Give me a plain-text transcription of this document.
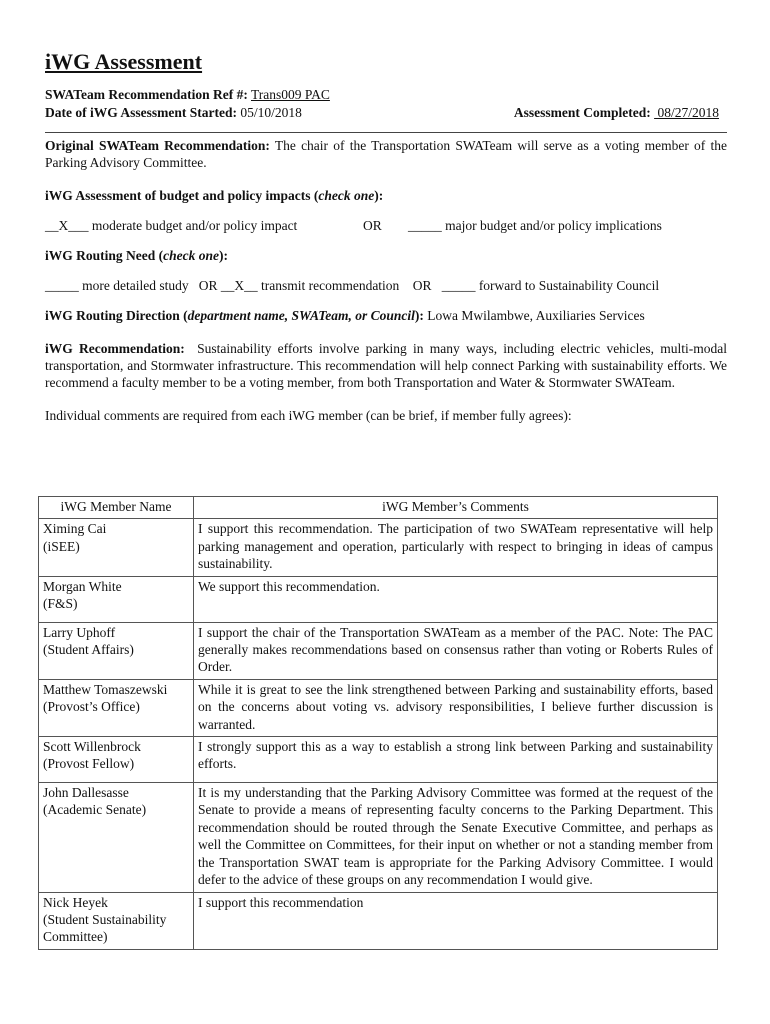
iWG Assessment
SWATeam Recommendation Ref #: Trans009 PAC
Date of iWG Assessment Started: 05/10/2018	Assessment Completed: 08/27/2018

Original SWATeam Recommendation: The chair of the Transportation SWATeam will serve as a voting member of the Parking Advisory Committee.

iWG Assessment of budget and policy impacts (check one):

__X___ moderate budget and/or policy impact	OR	_____ major budget and/or policy implications

iWG Routing Need (check one):

_____ more detailed study   OR __X__ transmit recommendation    OR   _____ forward to Sustainability Council

iWG Routing Direction (department name, SWATeam, or Council): Lowa Mwilambwe, Auxiliaries Services

iWG Recommendation: Sustainability efforts involve parking in many ways, including electric vehicles, multi-modal transportation, and Stormwater infrastructure. This recommendation will help connect Parking with sustainability efforts. We recommend a faculty member to be a voting member, from both Transportation and Water & Stormwater SWATeam.

Individual comments are required from each iWG member (can be brief, if member fully agrees):

iWG Member Name	iWG Member’s Comments

Ximing Cai
(iSEE)	I support this recommendation. The participation of two SWATeam representative will help parking management and operation, particularly with respect to bringing in ideas of campus sustainability.

Morgan White
(F&S)	We support this recommendation.

Larry Uphoff
(Student Affairs)	I support the chair of the Transportation SWATeam as a member of the PAC. Note: The PAC generally makes recommendations based on consensus rather than voting or Roberts Rules of Order.

Matthew Tomaszewski
(Provost’s Office)	While it is great to see the link strengthened between Parking and sustainability efforts, based on the concerns about voting vs. advisory responsibilities, I believe further discussion is warranted.

Scott Willenbrock
(Provost Fellow)	I strongly support this as a way to establish a strong link between Parking and sustainability efforts.

John Dallesasse
(Academic Senate)	It is my understanding that the Parking Advisory Committee was formed at the request of the Senate to provide a means of representing faculty concerns to the Parking Department. This recommendation should be routed through the Senate Executive Committee, and perhaps as well the Committee on Committees, for their input on whether or not a standing member from the Transportation SWAT team is appropriate for the Parking Advisory Committee. I would defer to the advice of these groups on any recommendation I would give.

Nick Heyek
(Student Sustainability Committee)	I support this recommendation
